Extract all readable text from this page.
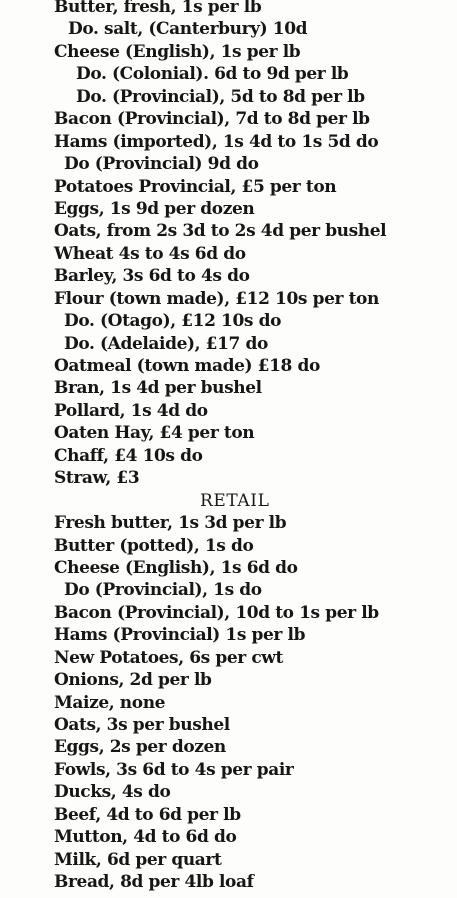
Butter, fresh, 1s per lb
Do. salt, (Canterbury) 10d
Cheese (English), 1s per lb
Do. (Colonial). 6d to 9d per lb
Do. (Provincial), 5d to 8d per lb
Bacon (Provincial), 7d to 8d per lb
Hams (imported), 1s 4d to 1s 5d do
Do (Provincial) 9d do
Potatoes Provincial, £5 per ton
Eggs, 1s 9d per dozen
Oats, from 2s 3d to 2s 4d per bushel
Wheat 4s to 4s 6d do
Barley, 3s 6d to 4s do
Flour (town made), £12 10s per ton
Do. (Otago), £12 10s do
Do. (Adelaide), £17 do
Oatmeal (town made) £18 do
Bran, 1s 4d per bushel
Pollard, 1s 4d do
Oaten Hay, £4 per ton
Chaff, £4 10s do
Straw, £3
RETAIL
Fresh butter, 1s 3d per lb
Butter (potted), 1s do
Cheese (English), 1s 6d do
Do (Provincial), 1s do
Bacon (Provincial), 10d to 1s per lb
Hams (Provincial) 1s per lb
New Potatoes, 6s per cwt
Onions, 2d per lb
Maize, none
Oats, 3s per bushel
Eggs, 2s per dozen
Fowls, 3s 6d to 4s per pair
Ducks, 4s do
Beef, 4d to 6d per lb
Mutton, 4d to 6d do
Milk, 6d per quart
Bread, 8d per 4lb loaf
